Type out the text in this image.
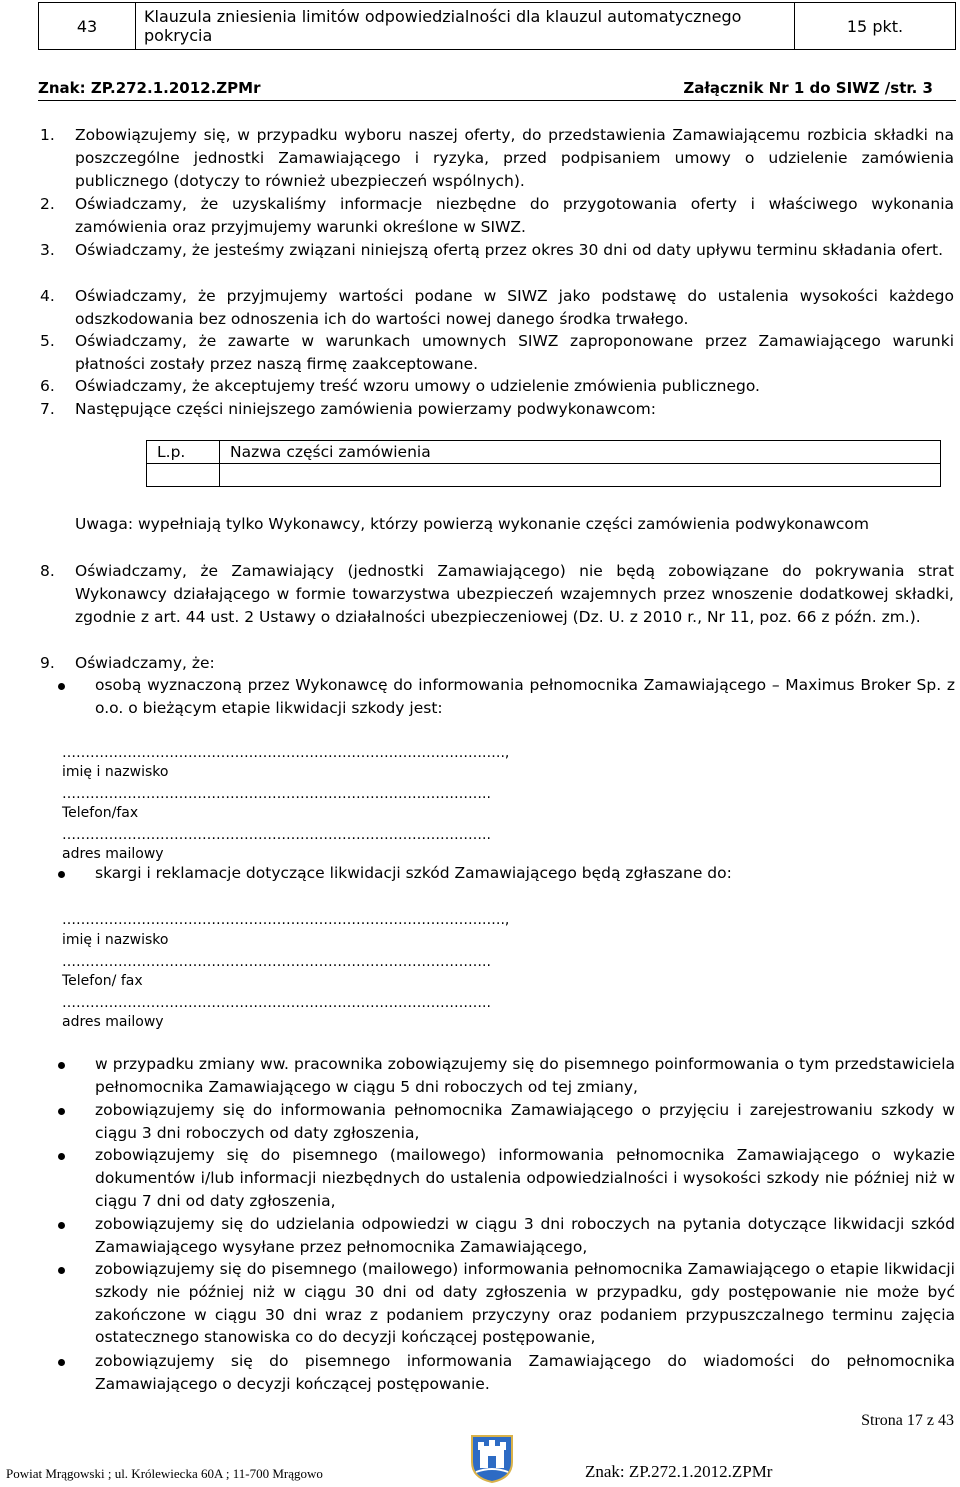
43	Klauzula zniesienia limitów odpowiedzialności dla klauzul automatycznego pokrycia	15 pkt.
Znak: ZP.272.1.2012.ZPMr	Załącznik Nr 1 do SIWZ /str. 3
1.	Zobowiązujemy się, w przypadku wyboru naszej oferty, do przedstawienia Zamawiającemu rozbicia składki na poszczególne jednostki Zamawiającego i ryzyka, przed podpisaniem umowy o udzielenie zamówienia publicznego (dotyczy to również ubezpieczeń wspólnych).
2.	Oświadczamy, że uzyskaliśmy informacje niezbędne do przygotowania oferty i właściwego wykonania zamówienia oraz przyjmujemy warunki określone w SIWZ.
3.	Oświadczamy, że jesteśmy związani niniejszą ofertą przez okres 30 dni od daty upływu terminu składania ofert.
4.	Oświadczamy, że przyjmujemy wartości podane w SIWZ jako podstawę do ustalenia wysokości każdego odszkodowania bez odnoszenia ich do wartości nowej danego środka trwałego.
5.	Oświadczamy, że zawarte w warunkach umownych SIWZ zaproponowane przez Zamawiającego warunki płatności zostały przez naszą firmę zaakceptowane.
6.	Oświadczamy, że akceptujemy treść wzoru umowy o udzielenie zmówienia publicznego.
7.	Następujące części niniejszego zamówienia powierzamy podwykonawcom:
L.p.	Nazwa części zamówienia

Uwaga: wypełniają tylko Wykonawcy, którzy powierzą wykonanie części zamówienia podwykonawcom
8.	Oświadczamy, że Zamawiający (jednostki Zamawiającego) nie będą zobowiązane do pokrywania strat Wykonawcy działającego w formie towarzystwa ubezpieczeń wzajemnych przez wnoszenie dodatkowej składki, zgodnie z art. 44 ust. 2 Ustawy o działalności ubezpieczeniowej (Dz. U. z 2010 r., Nr 11, poz. 66 z późn. zm.).
9.	Oświadczamy, że:
osobą wyznaczoną przez Wykonawcę do informowania pełnomocnika Zamawiającego – Maximus Broker Sp. z o.o. o bieżącym etapie likwidacji szkody jest:
……………………………………………………………………………….….,
imię i nazwisko
………………………………………………………………………………..
Telefon/fax
………………………………………………………………………………..
adres mailowy
skargi i reklamacje dotyczące likwidacji szkód Zamawiającego będą zgłaszane do:
……………………………………………………………………………….….,
imię i nazwisko
………………………………………………………………………………..
Telefon/ fax
………………………………………………………………………………..
adres mailowy
w przypadku zmiany ww. pracownika zobowiązujemy się do pisemnego poinformowania o tym przedstawiciela pełnomocnika Zamawiającego w ciągu 5 dni roboczych od tej zmiany,
zobowiązujemy się do informowania pełnomocnika Zamawiającego o przyjęciu i zarejestrowaniu szkody w ciągu 3 dni roboczych od daty zgłoszenia,
zobowiązujemy się do pisemnego (mailowego) informowania pełnomocnika Zamawiającego o wykazie dokumentów i/lub informacji niezbędnych do ustalenia odpowiedzialności i wysokości szkody nie później niż w ciągu 7 dni od daty zgłoszenia,
zobowiązujemy się do udzielania odpowiedzi w ciągu 3 dni roboczych na pytania dotyczące likwidacji szkód Zamawiającego wysyłane przez pełnomocnika Zamawiającego,
zobowiązujemy się do pisemnego (mailowego) informowania pełnomocnika Zamawiającego o etapie likwidacji szkody nie później niż w ciągu 30 dni od daty zgłoszenia w przypadku, gdy postępowanie nie może być zakończone w ciągu 30 dni wraz z podaniem przyczyny oraz podaniem przypuszczalnego terminu zajęcia ostatecznego stanowiska co do decyzji kończącej postępowanie,
zobowiązujemy się do pisemnego informowania Zamawiającego do wiadomości do pełnomocnika Zamawiającego o decyzji kończącej postępowanie.
Strona 17 z 43
Powiat Mrągowski ; ul. Królewiecka 60A ; 11-700 Mrągowo	Znak: ZP.272.1.2012.ZPMr
